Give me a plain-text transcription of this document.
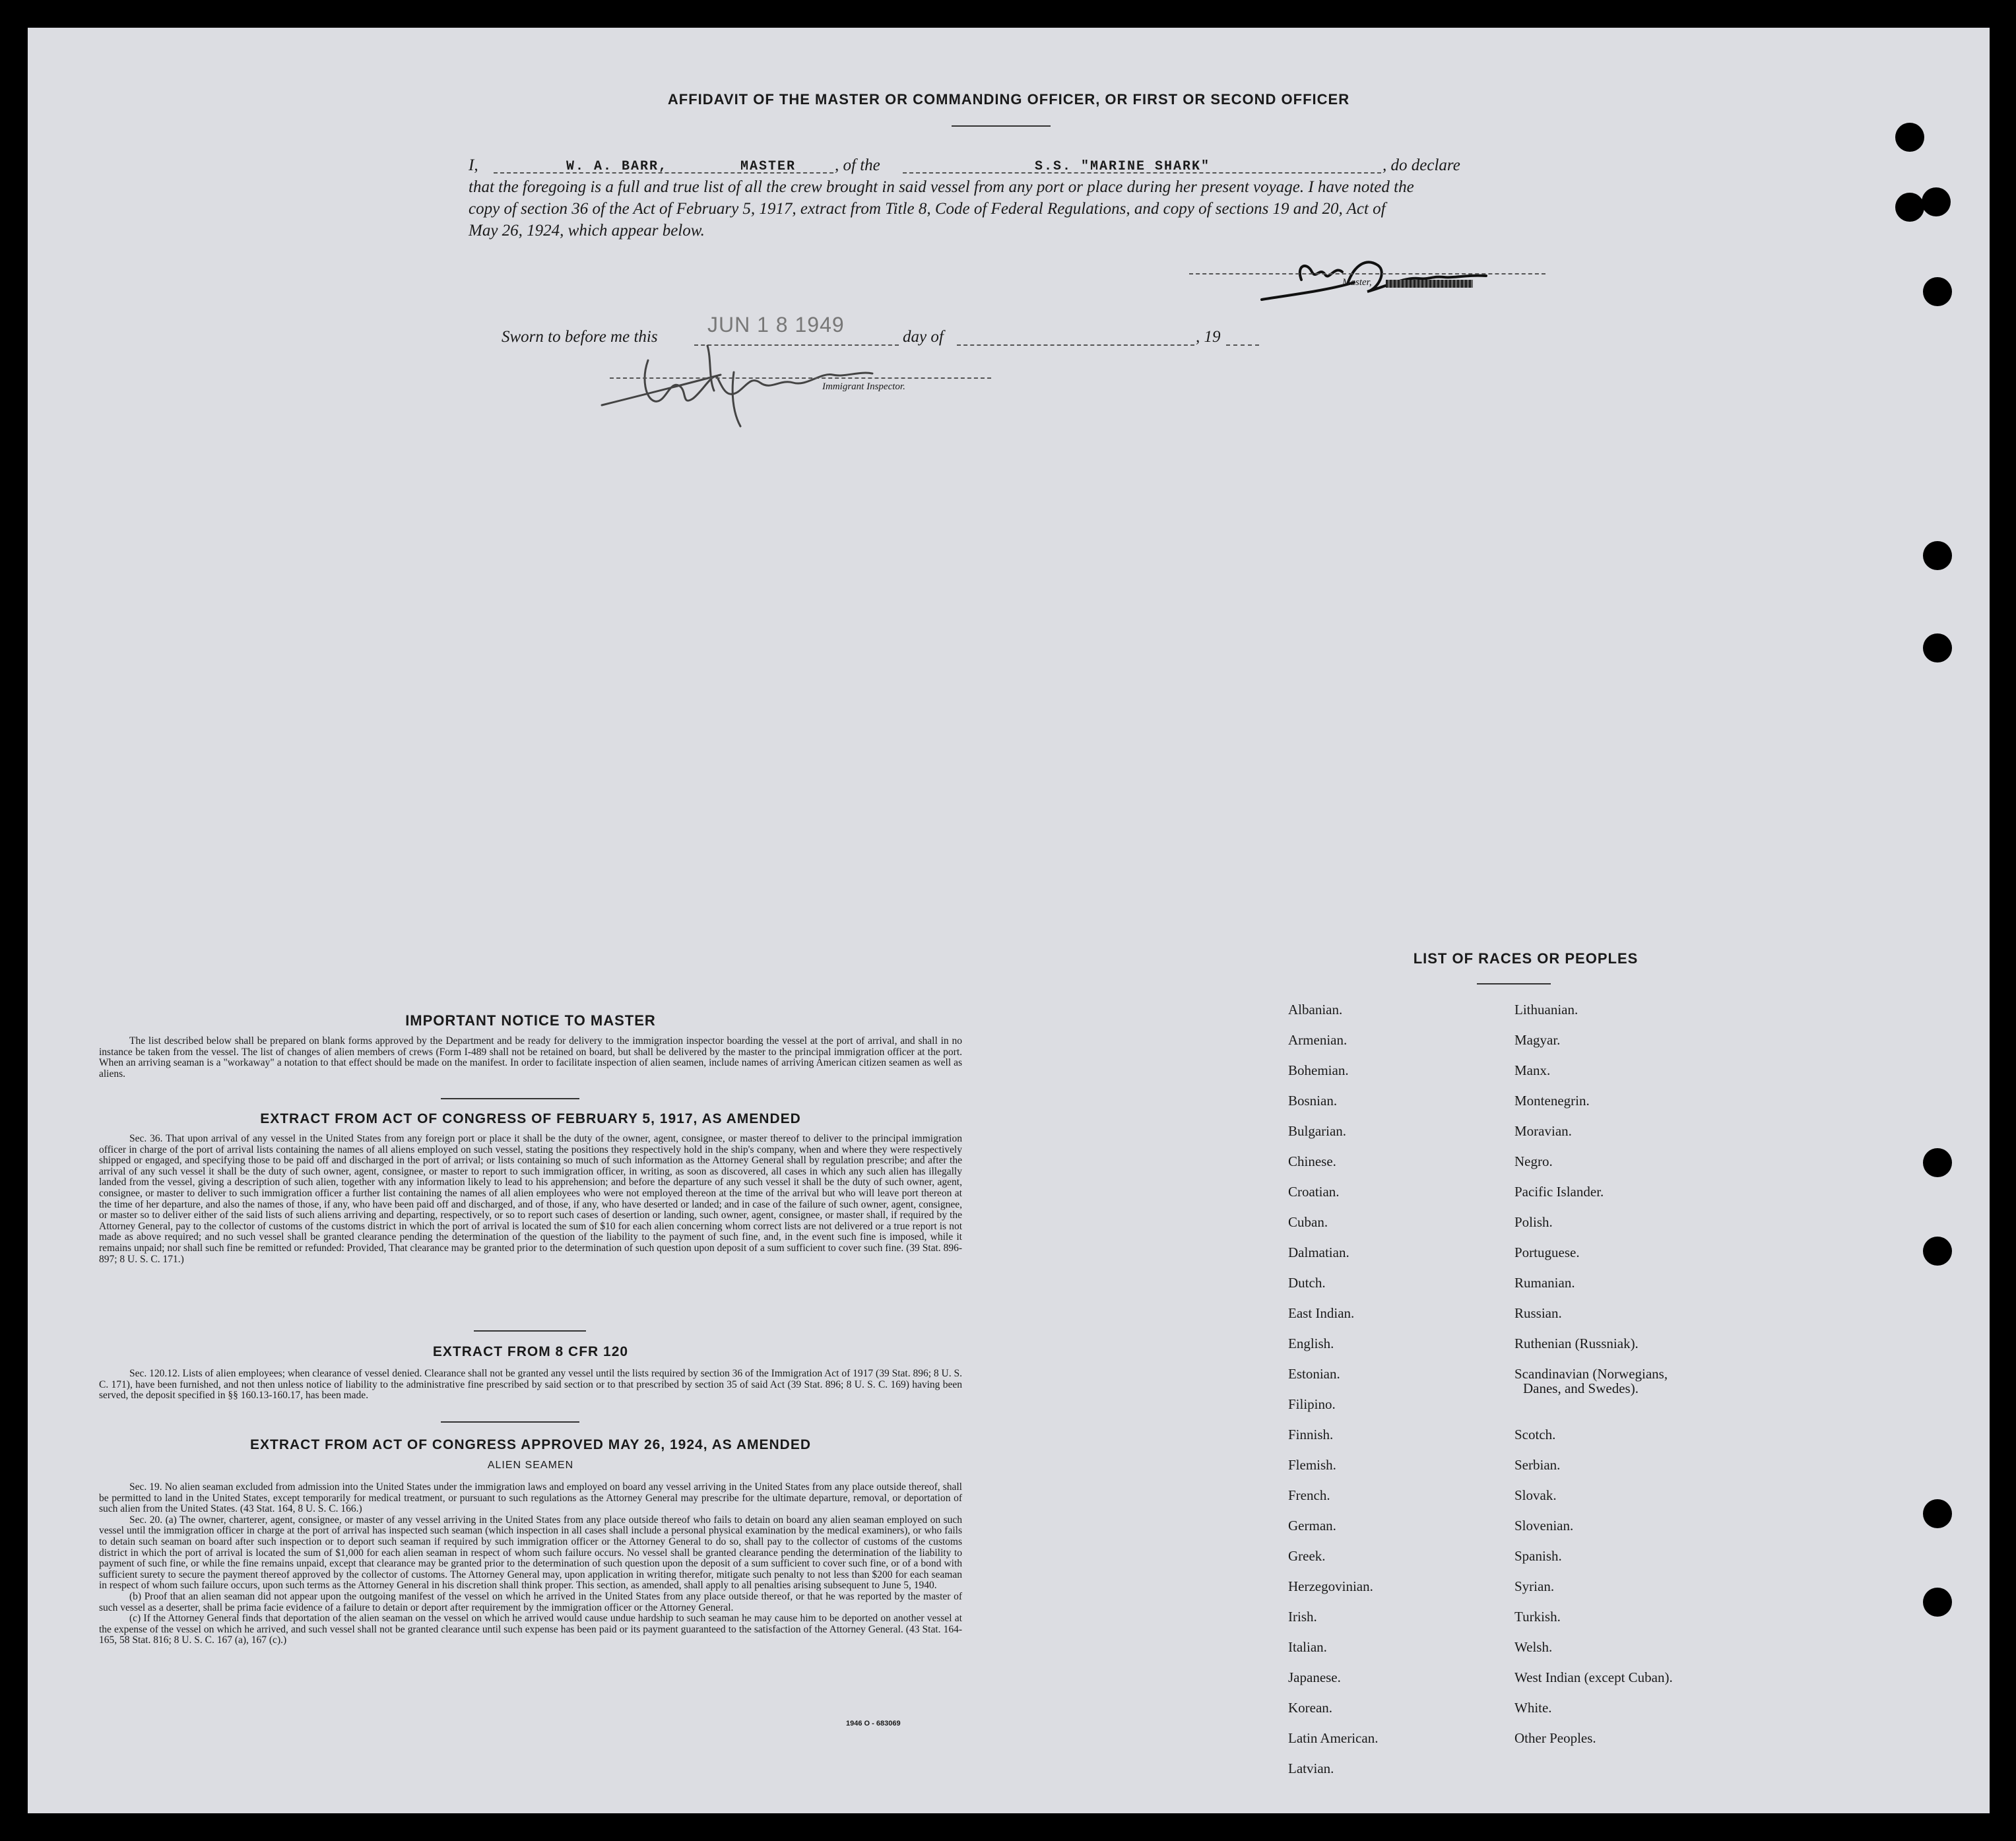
AFFIDAVIT OF THE MASTER OR COMMANDING OFFICER, OR FIRST OR SECOND OFFICER
I,	W. A. BARR,	MASTER , of the	S.S. "MARINE SHARK"	, do declare
that the foregoing is a full and true list of all the crew brought in said vessel from any port or place during her present voyage. I have noted the
copy of section 36 of the Act of February 5, 1917, extract from Title 8, Code of Federal Regulations, and copy of sections 19 and 20, Act of
May 26, 1924, which appear below.
Master,
Sworn to before me this
JUN 1 8 1949
day of	, 19
Immigrant Inspector.
IMPORTANT NOTICE TO MASTER

The list described below shall be prepared on blank forms approved by the Department and be ready for delivery to the immigration inspector boarding the vessel at the port of arrival, and shall in no instance be taken from the vessel. The list of changes of alien members of crews (Form I-489 shall not be retained on board, but shall be delivered by the master to the principal immigration officer at the port. When an arriving seaman is a "workaway" a notation to that effect should be made on the manifest. In order to facilitate inspection of alien seamen, include names of arriving American citizen seamen as well as aliens.

EXTRACT FROM ACT OF CONGRESS OF FEBRUARY 5, 1917, AS AMENDED

Sec. 36. That upon arrival of any vessel in the United States from any foreign port or place it shall be the duty of the owner, agent, consignee, or master thereof to deliver to the principal immigration officer in charge of the port of arrival lists containing the names of all aliens employed on such vessel, stating the positions they respectively hold in the ship's company, when and where they were respectively shipped or engaged, and specifying those to be paid off and discharged in the port of arrival; or lists containing so much of such information as the Attorney General shall by regulation prescribe; and after the arrival of any such vessel it shall be the duty of such owner, agent, consignee, or master to report to such immigration officer, in writing, as soon as discovered, all cases in which any such alien has illegally landed from the vessel, giving a description of such alien, together with any information likely to lead to his apprehension; and before the departure of any such vessel it shall be the duty of such owner, agent, consignee, or master to deliver to such immigration officer a further list containing the names of all alien employees who were not employed thereon at the time of the arrival but who will leave port thereon at the time of her departure, and also the names of those, if any, who have been paid off and discharged, and of those, if any, who have deserted or landed; and in case of the failure of such owner, agent, consignee, or master so to deliver either of the said lists of such aliens arriving and departing, respectively, or so to report such cases of desertion or landing, such owner, agent, consignee, or master shall, if required by the Attorney General, pay to the collector of customs of the customs district in which the port of arrival is located the sum of $10 for each alien concerning whom correct lists are not delivered or a true report is not made as above required; and no such vessel shall be granted clearance pending the determination of the question of the liability to the payment of such fine, and, in the event such fine is imposed, while it remains unpaid; nor shall such fine be remitted or refunded: Provided, That clearance may be granted prior to the determination of such question upon deposit of a sum sufficient to cover such fine. (39 Stat. 896-897; 8 U. S. C. 171.)

EXTRACT FROM 8 CFR 120

Sec. 120.12. Lists of alien employees; when clearance of vessel denied. Clearance shall not be granted any vessel until the lists required by section 36 of the Immigration Act of 1917 (39 Stat. 896; 8 U. S. C. 171), have been furnished, and not then unless notice of liability to the administrative fine prescribed by said section or to that prescribed by section 35 of said Act (39 Stat. 896; 8 U. S. C. 169) having been served, the deposit specified in §§ 160.13-160.17, has been made.

EXTRACT FROM ACT OF CONGRESS APPROVED MAY 26, 1924, AS AMENDED
ALIEN SEAMEN

Sec. 19. No alien seaman excluded from admission into the United States under the immigration laws and employed on board any vessel arriving in the United States from any place outside thereof, shall be permitted to land in the United States, except temporarily for medical treatment, or pursuant to such regulations as the Attorney General may prescribe for the ultimate departure, removal, or deportation of such alien from the United States. (43 Stat. 164, 8 U. S. C. 166.)

Sec. 20. (a) The owner, charterer, agent, consignee, or master of any vessel arriving in the United States from any place outside thereof who fails to detain on board any alien seaman employed on such vessel until the immigration officer in charge at the port of arrival has inspected such seaman (which inspection in all cases shall include a personal physical examination by the medical examiners), or who fails to detain such seaman on board after such inspection or to deport such seaman if required by such immigration officer or the Attorney General to do so, shall pay to the collector of customs of the customs district in which the port of arrival is located the sum of $1,000 for each alien seaman in respect of whom such failure occurs. No vessel shall be granted clearance pending the determination of the liability to payment of such fine, or while the fine remains unpaid, except that clearance may be granted prior to the determination of such question upon the deposit of a sum sufficient to cover such fine, or of a bond with sufficient surety to secure the payment thereof approved by the collector of customs. The Attorney General may, upon application in writing therefor, mitigate such penalty to not less than $200 for each seaman in respect of whom such failure occurs, upon such terms as the Attorney General in his discretion shall think proper. This section, as amended, shall apply to all penalties arising subsequent to June 5, 1940.

(b) Proof that an alien seaman did not appear upon the outgoing manifest of the vessel on which he arrived in the United States from any place outside thereof, or that he was reported by the master of such vessel as a deserter, shall be prima facie evidence of a failure to detain or deport after requirement by the immigration officer or the Attorney General.

(c) If the Attorney General finds that deportation of the alien seaman on the vessel on which he arrived would cause undue hardship to such seaman he may cause him to be deported on another vessel at the expense of the vessel on which he arrived, and such vessel shall not be granted clearance until such expense has been paid or its payment guaranteed to the satisfaction of the Attorney General. (43 Stat. 164-165, 58 Stat. 816; 8 U. S. C. 167 (a), 167 (c).)

1946 O - 683069
LIST OF RACES OR PEOPLES
Danes, and Swedes).
Albanian.
Armenian.
Bohemian.
Bosnian.
Bulgarian.
Chinese.
Croatian.
Cuban.
Dalmatian.
Dutch.
East Indian.
English.
Estonian.
Filipino.
Finnish.
Flemish.
French.
German.
Greek.
Herzegovinian.
Irish.
Italian.
Japanese.
Korean.
Latin American.
Latvian.
Lithuanian.
Magyar.
Manx.
Montenegrin.
Moravian.
Negro.
Pacific Islander.
Polish.
Portuguese.
Rumanian.
Russian.
Ruthenian (Russniak).
Scandinavian (Norwegians,
Scotch.
Serbian.
Slovak.
Slovenian.
Spanish.
Syrian.
Turkish.
Welsh.
West Indian (except Cuban).
White.
Other Peoples.
